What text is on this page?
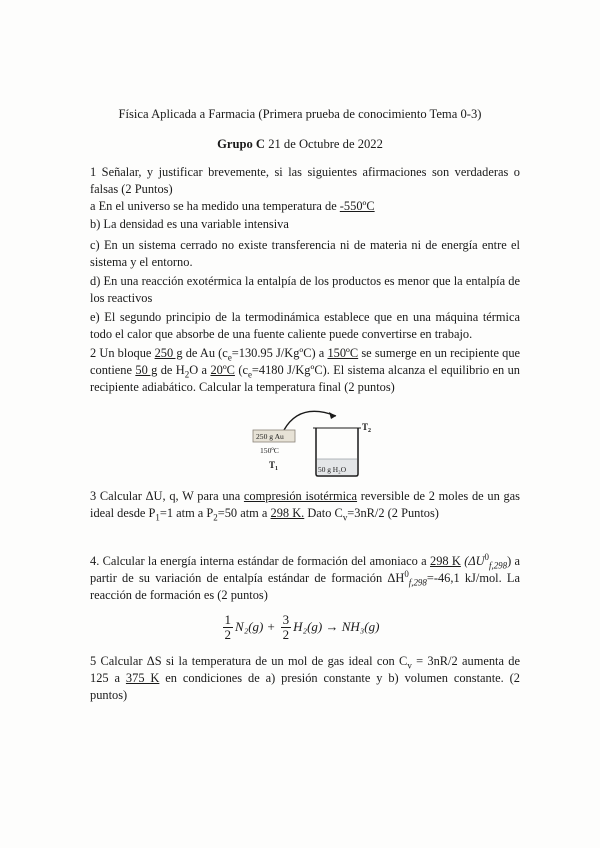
Física Aplicada a Farmacia (Primera prueba de conocimiento Tema 0-3)
Grupo C 21 de Octubre de 2022
1 Señalar, y justificar brevemente, si las siguientes afirmaciones son verdaderas o falsas (2 Puntos)
a En el universo se ha medido una temperatura de -550ºC
b) La densidad es una variable intensiva
c) En un sistema cerrado no existe transferencia ni de materia ni de energía entre el sistema y el entorno.
d) En una reacción exotérmica la entalpía de los productos es menor que la entalpía de los reactivos
e) El segundo principio de la termodinámica establece que en una máquina térmica todo el calor que absorbe de una fuente caliente puede convertirse en trabajo.
2 Un bloque 250 g de Au ($c_e=130.95$ J/KgºC) a 150ºC se sumerge en un recipiente que contiene 50 g de $H_2O$ a 20ºC ($c_e=4180$ J/KgºC). El sistema alcanza el equilibrio en un recipiente adiabático. Calcular la temperatura final (2 puntos)
250 g Au
150ºC
T 1	50 g H₂O
T 2
3 Calcular ΔU, q, W para una compresión isotérmica reversible de 2 moles de un gas ideal desde $P_1=1$ atm a $P_2=50$ atm a 298 K. Dato $C_v=3nR/2$ (2 Puntos)
4. Calcular la energía interna estándar de formación del amoniaco a 298 K $(\Delta U^0_{f,298})$ a partir de su variación de entalpía estándar de formación $\Delta H^0_{f,298}=-46,1$ kJ/mol. La reacción de formación es (2 puntos)
$\frac{1}{2} N_2(g) + \frac{3}{2} H_2(g) \to NH_3(g)$
5 Calcular ΔS si la temperatura de un mol de gas ideal con $C_v = 3nR/2$ aumenta de 125 a 375 K en condiciones de a) presión constante y b) volumen constante. (2 puntos)
